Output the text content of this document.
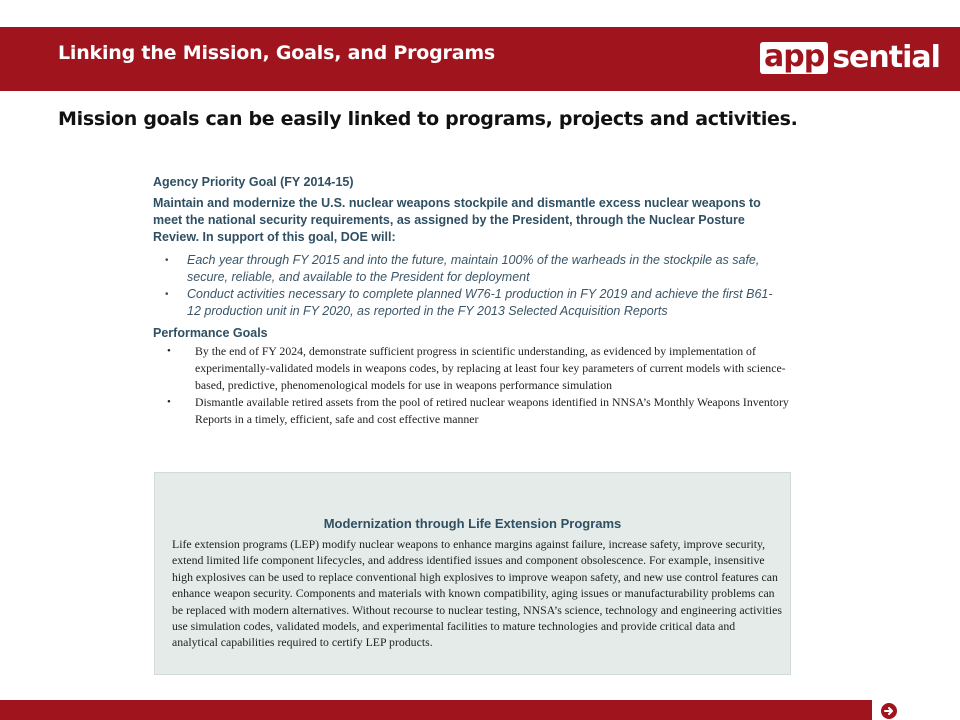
Linking the Mission, Goals, and Programs	app sential
Mission goals can be easily linked to programs, projects and activities.

Agency Priority Goal (FY 2014-15)

Maintain and modernize the U.S. nuclear weapons stockpile and dismantle excess nuclear weapons to meet the national security requirements, as assigned by the President, through the Nuclear Posture Review. In support of this goal, DOE will:

• Each year through FY 2015 and into the future, maintain 100% of the warheads in the stockpile as safe, secure, reliable, and available to the President for deployment
• Conduct activities necessary to complete planned W76-1 production in FY 2019 and achieve the first B61-12 production unit in FY 2020, as reported in the FY 2013 Selected Acquisition Reports

Performance Goals

• By the end of FY 2024, demonstrate sufficient progress in scientific understanding, as evidenced by implementation of experimentally-validated models in weapons codes, by replacing at least four key parameters of current models with science-based, predictive, phenomenological models for use in weapons performance simulation
• Dismantle available retired assets from the pool of retired nuclear weapons identified in NNSA’s Monthly Weapons Inventory Reports in a timely, efficient, safe and cost effective manner
Modernization through Life Extension Programs

Life extension programs (LEP) modify nuclear weapons to enhance margins against failure, increase safety, improve security, extend limited life component lifecycles, and address identified issues and component obsolescence. For example, insensitive high explosives can be used to replace conventional high explosives to improve weapon safety, and new use control features can enhance weapon security. Components and materials with known compatibility, aging issues or manufacturability problems can be replaced with modern alternatives. Without recourse to nuclear testing, NNSA’s science, technology and engineering activities use simulation codes, validated models, and experimental facilities to mature technologies and provide critical data and analytical capabilities required to certify LEP products.
